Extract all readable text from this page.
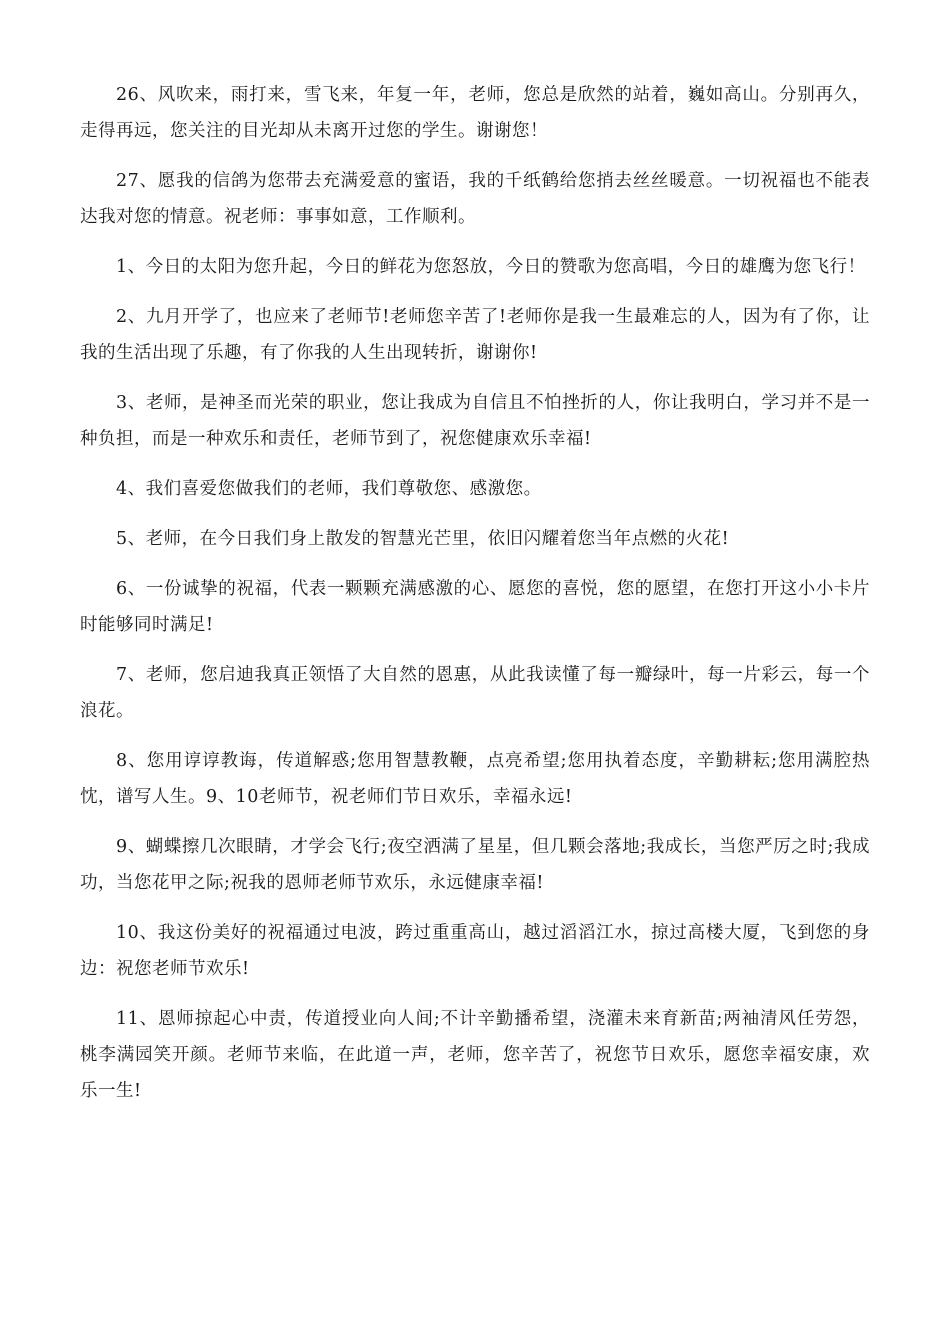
26、风吹来，雨打来，雪飞来，年复一年，老师，您总是欣然的站着，巍如高山。分别再久，走得再远，您关注的目光却从未离开过您的学生。谢谢您！

27、愿我的信鸽为您带去充满爱意的蜜语，我的千纸鹤给您捎去丝丝暖意。一切祝福也不能表达我对您的情意。祝老师：事事如意，工作顺利。

1、今日的太阳为您升起，今日的鲜花为您怒放，今日的赞歌为您高唱，今日的雄鹰为您飞行！

2、九月开学了，也应来了老师节!老师您辛苦了!老师你是我一生最难忘的人，因为有了你，让我的生活出现了乐趣，有了你我的人生出现转折，谢谢你!

3、老师，是神圣而光荣的职业，您让我成为自信且不怕挫折的人，你让我明白，学习并不是一种负担，而是一种欢乐和责任，老师节到了，祝您健康欢乐幸福!

4、我们喜爱您做我们的老师，我们尊敬您、感激您。

5、老师，在今日我们身上散发的智慧光芒里，依旧闪耀着您当年点燃的火花!

6、一份诚挚的祝福，代表一颗颗充满感激的心、愿您的喜悦，您的愿望，在您打开这小小卡片时能够同时满足!

7、老师，您启迪我真正领悟了大自然的恩惠，从此我读懂了每一瓣绿叶，每一片彩云，每一个浪花。

8、您用谆谆教诲，传道解惑;您用智慧教鞭，点亮希望;您用执着态度，辛勤耕耘;您用满腔热忱，谱写人生。9、10老师节，祝老师们节日欢乐，幸福永远!

9、蝴蝶擦几次眼睛，才学会飞行;夜空洒满了星星，但几颗会落地;我成长，当您严厉之时;我成功，当您花甲之际;祝我的恩师老师节欢乐，永远健康幸福!

10、我这份美好的祝福通过电波，跨过重重高山，越过滔滔江水，掠过高楼大厦，飞到您的身边：祝您老师节欢乐!

11、恩师掠起心中责，传道授业向人间;不计辛勤播希望，浇灌未来育新苗;两袖清风任劳怨，桃李满园笑开颜。老师节来临，在此道一声，老师，您辛苦了，祝您节日欢乐，愿您幸福安康，欢乐一生!
